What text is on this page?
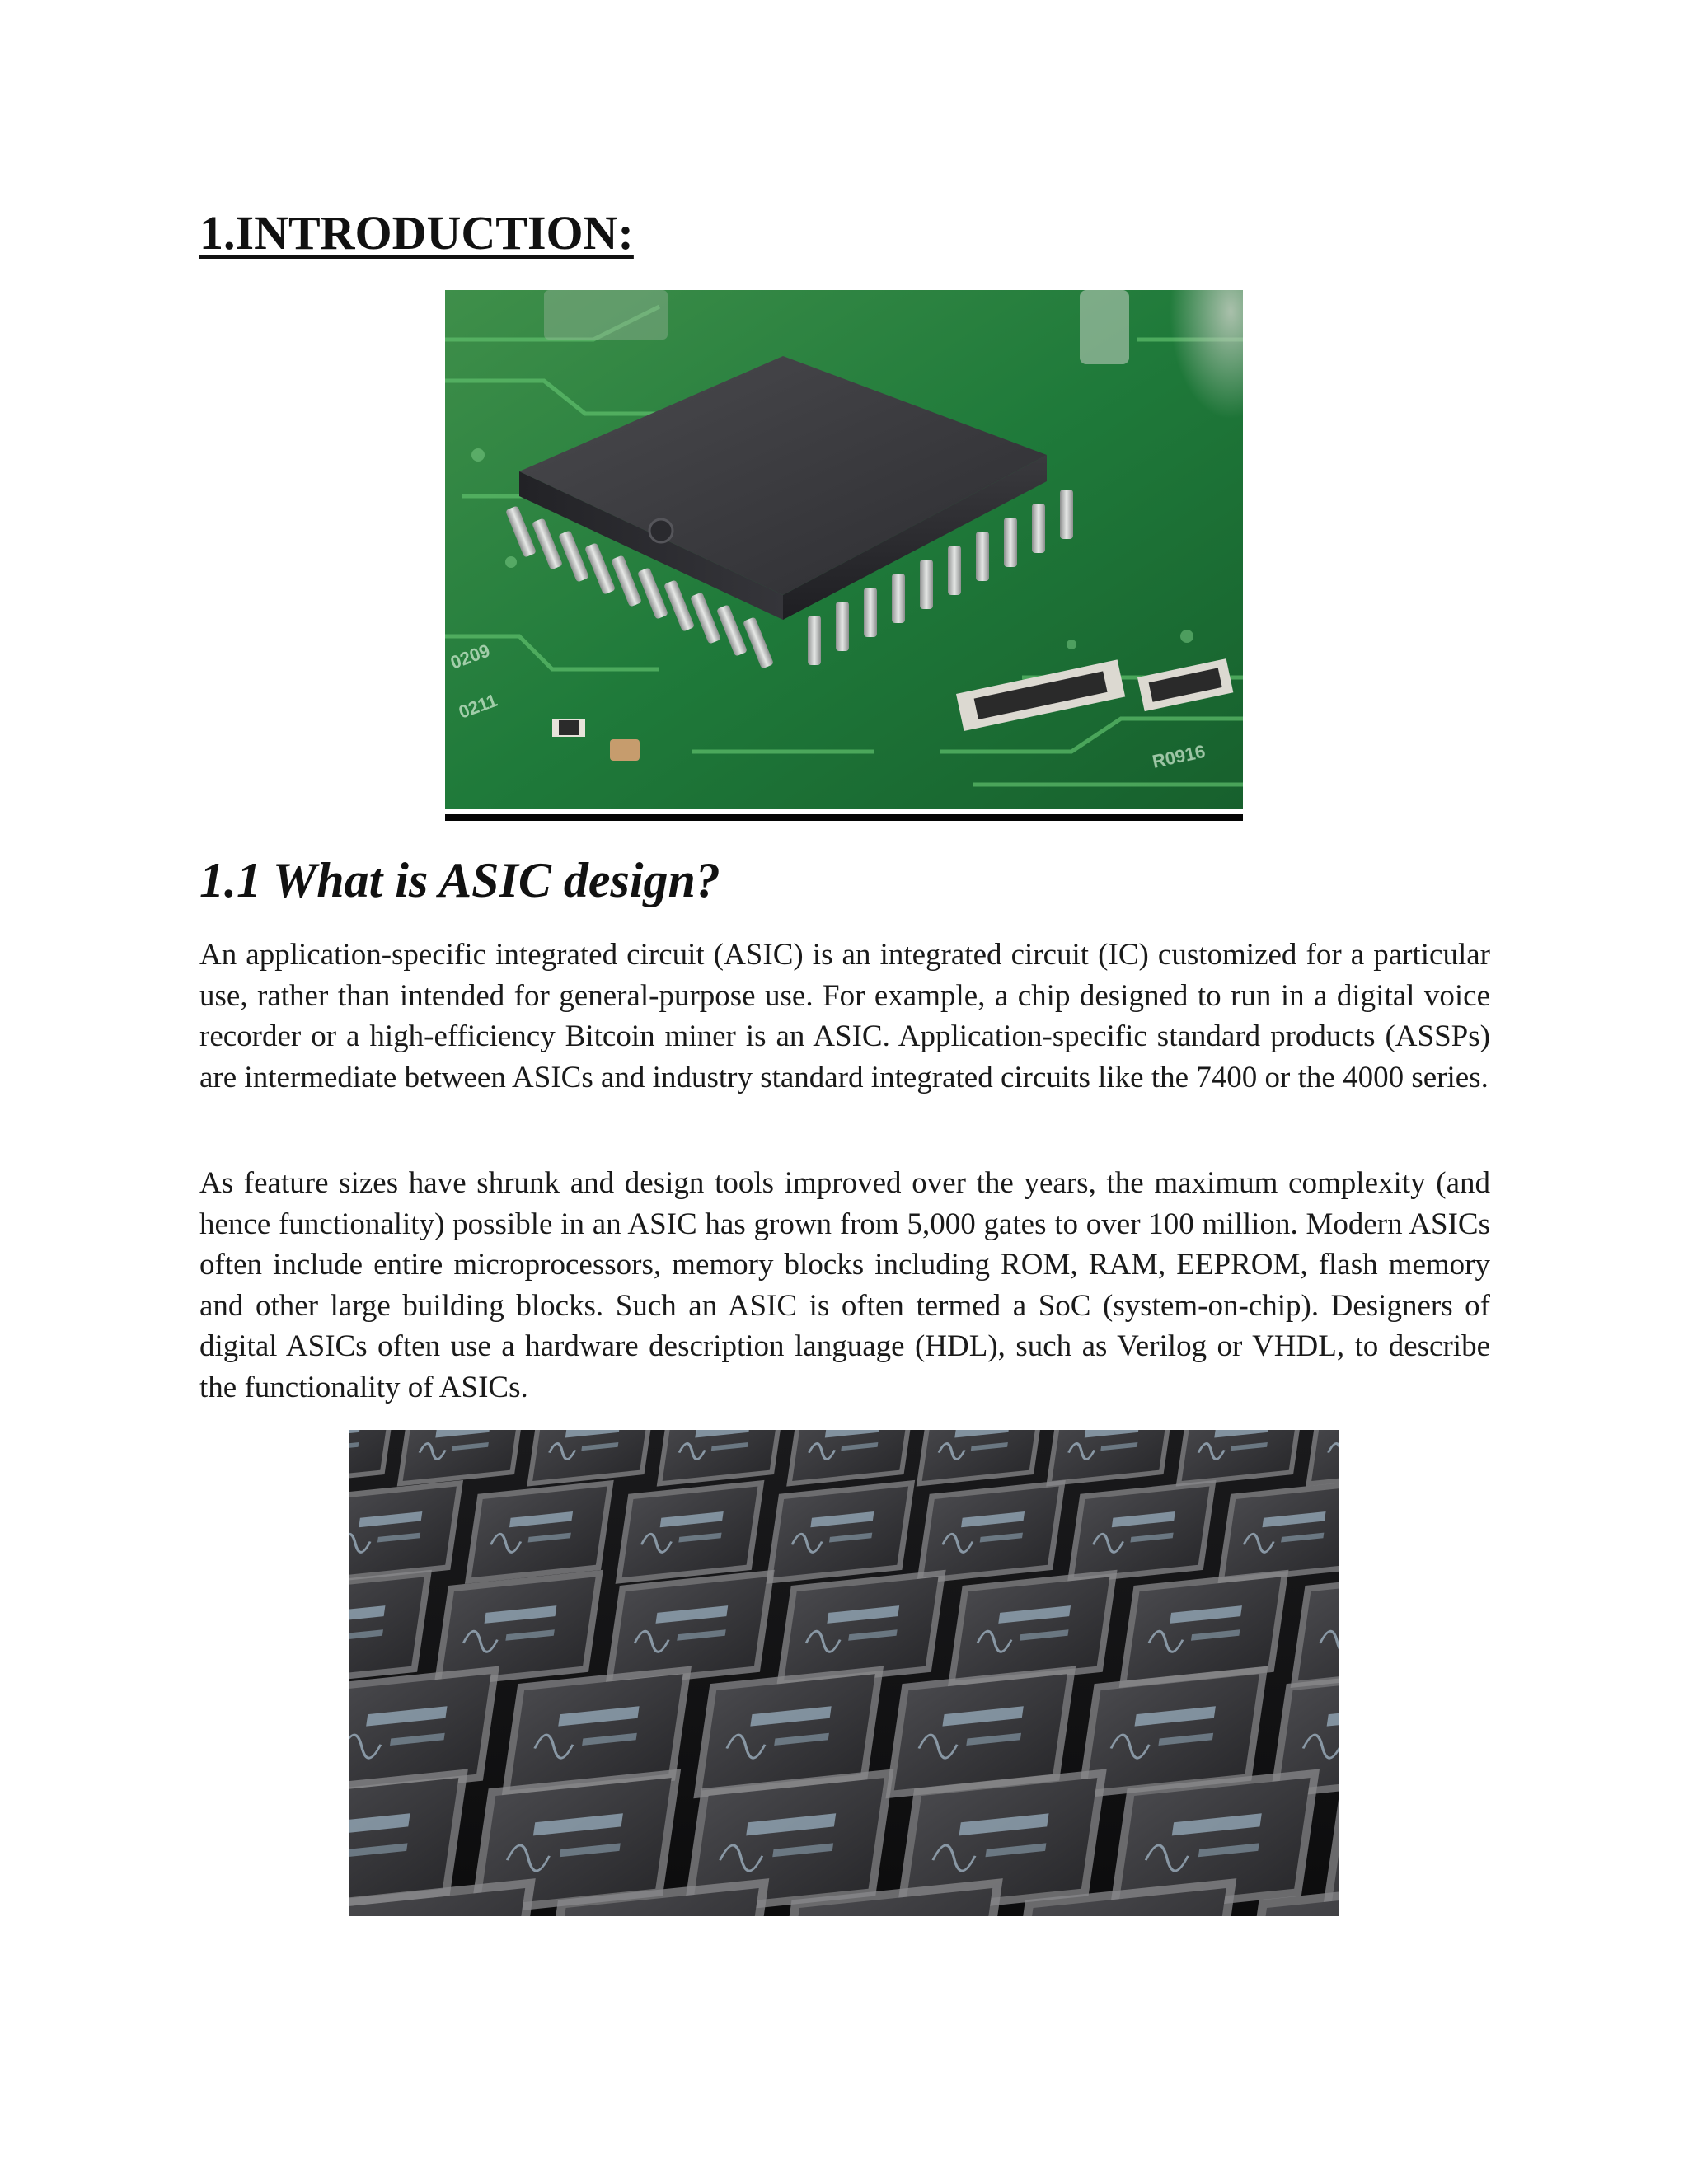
1.INTRODUCTION:
0209
0211
R0916
1.1 What is ASIC design?

An application-specific integrated circuit (ASIC) is an integrated circuit (IC) customized for a particular use, rather than intended for general-purpose use. For example, a chip designed to run in a digital voice recorder or a high-efficiency Bitcoin miner is an ASIC. Application-specific standard products (ASSPs) are intermediate between ASICs and industry standard integrated circuits like the 7400 or the 4000 series.

As feature sizes have shrunk and design tools improved over the years, the maximum complexity (and hence functionality) possible in an ASIC has grown from 5,000 gates to over 100 million. Modern ASICs often include entire microprocessors, memory blocks including ROM, RAM, EEPROM, flash memory and other large building blocks. Such an ASIC is often termed a SoC (system-on-chip). Designers of digital ASICs often use a hardware description language (HDL), such as Verilog or VHDL, to describe the functionality of ASICs.
